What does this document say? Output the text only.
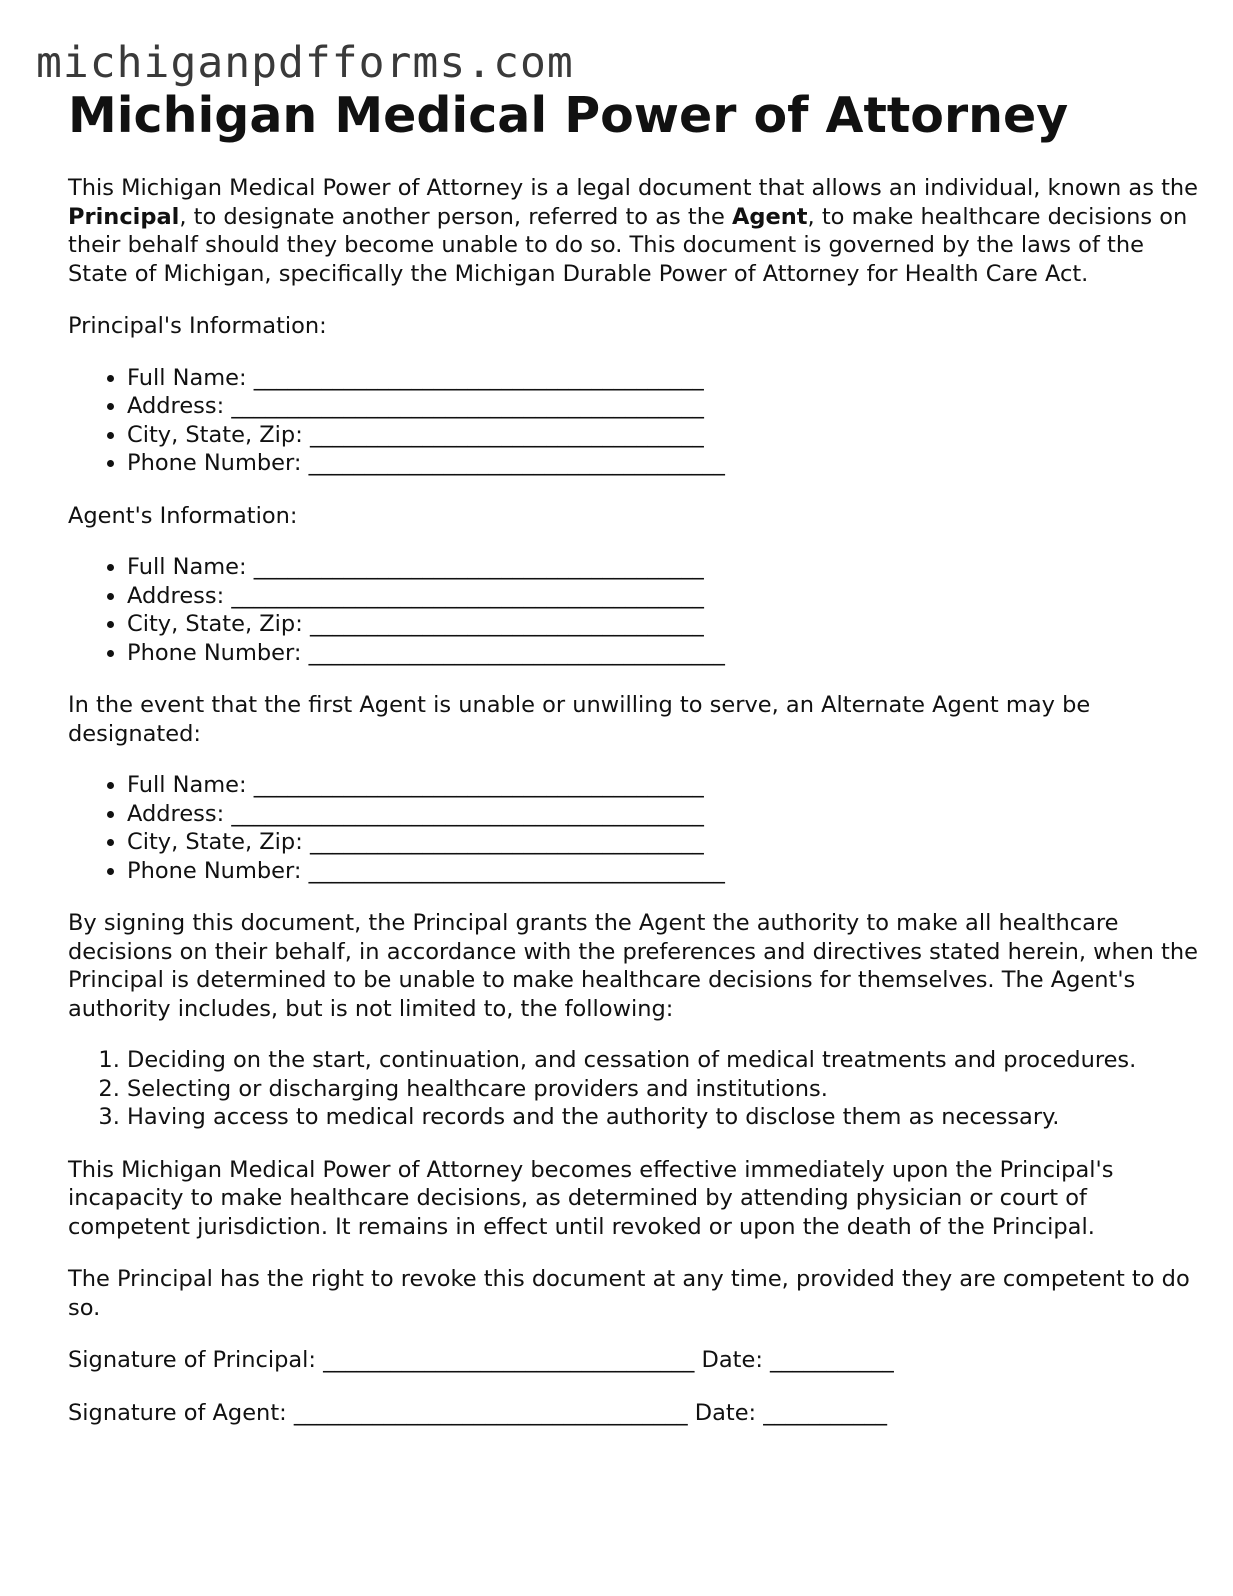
michiganpdfforms.com
Michigan Medical Power of Attorney

This Michigan Medical Power of Attorney is a legal document that allows an individual, known as the Principal, to designate another person, referred to as the Agent, to make healthcare decisions on their behalf should they become unable to do so. This document is governed by the laws of the State of Michigan, specifically the Michigan Durable Power of Attorney for Health Care Act.

Principal's Information:

• Full Name: ________________________________________
• Address: __________________________________________
• City, State, Zip: ___________________________________
• Phone Number: _____________________________________

Agent's Information:

• Full Name: ________________________________________
• Address: __________________________________________
• City, State, Zip: ___________________________________
• Phone Number: _____________________________________

In the event that the first Agent is unable or unwilling to serve, an Alternate Agent may be designated:

• Full Name: ________________________________________
• Address: __________________________________________
• City, State, Zip: ___________________________________
• Phone Number: _____________________________________

By signing this document, the Principal grants the Agent the authority to make all healthcare decisions on their behalf, in accordance with the preferences and directives stated herein, when the Principal is determined to be unable to make healthcare decisions for themselves. The Agent's authority includes, but is not limited to, the following:

1. Deciding on the start, continuation, and cessation of medical treatments and procedures.
2. Selecting or discharging healthcare providers and institutions.
3. Having access to medical records and the authority to disclose them as necessary.

This Michigan Medical Power of Attorney becomes effective immediately upon the Principal's incapacity to make healthcare decisions, as determined by attending physician or court of competent jurisdiction. It remains in effect until revoked or upon the death of the Principal.

The Principal has the right to revoke this document at any time, provided they are competent to do so.

Signature of Principal: _________________________________ Date: ___________
Signature of Agent: ___________________________________ Date: ___________
